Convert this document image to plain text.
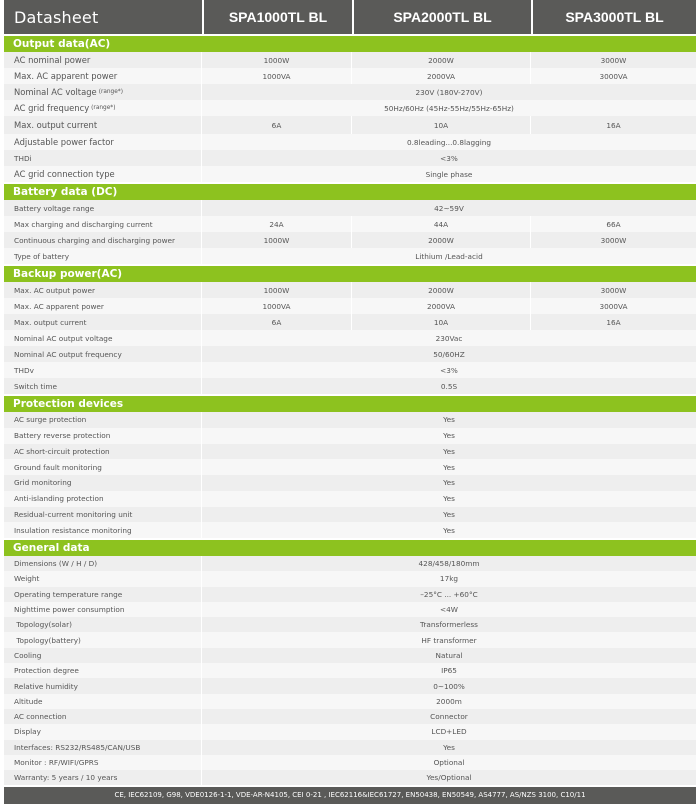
Datasheet	SPA1000TL BL	SPA2000TL BL	SPA3000TL BL
Output data(AC)
AC nominal power	1000W	2000W	3000W
Max. AC apparent power	1000VA	2000VA	3000VA
Nominal AC voltage (range*)	230V (180V-270V)
AC grid frequency (range*)	50Hz/60Hz (45Hz-55Hz/55Hz-65Hz)
Max. output current	6A	10A	16A
Adjustable power factor	0.8leading...0.8lagging
THDi	<3%
AC grid connection type	Single phase
Battery data (DC)
Battery voltage range	42~59V
Max charging and discharging current	24A	44A	66A
Continuous charging and discharging power	1000W	2000W	3000W
Type of battery	Lithium /Lead-acid
Backup power(AC)
Max. AC output power	1000W	2000W	3000W
Max. AC apparent power	1000VA	2000VA	3000VA
Max. output current	6A	10A	16A
Nominal AC output voltage	230Vac
Nominal AC output frequency	50/60HZ
THDv	<3%
Switch time	0.5S
Protection devices
AC surge protection	Yes
Battery reverse protection	Yes
AC short-circuit protection	Yes
Ground fault monitoring	Yes
Grid monitoring	Yes
Anti-islanding protection	Yes
Residual-current monitoring unit	Yes
Insulation resistance monitoring	Yes
General data
Dimensions (W / H / D)	428/458/180mm
Weight	17kg
Operating temperature range	–25°C ... +60°C
Nighttime power consumption	<4W
Topology(solar)	Transformerless
Topology(battery)	HF transformer
Cooling	Natural
Protection degree	IP65
Relative humidity	0~100%
Altitude	2000m
AC connection	Connector
Display	LCD+LED
Interfaces: RS232/RS485/CAN/USB	Yes
Monitor : RF/WIFI/GPRS	Optional
Warranty: 5 years / 10 years	Yes/Optional
CE, IEC62109, G98, VDE0126-1-1, VDE-AR-N4105, CEI 0-21 , IEC62116&IEC61727, EN50438, EN50549, AS4777, AS/NZS 3100, C10/11
